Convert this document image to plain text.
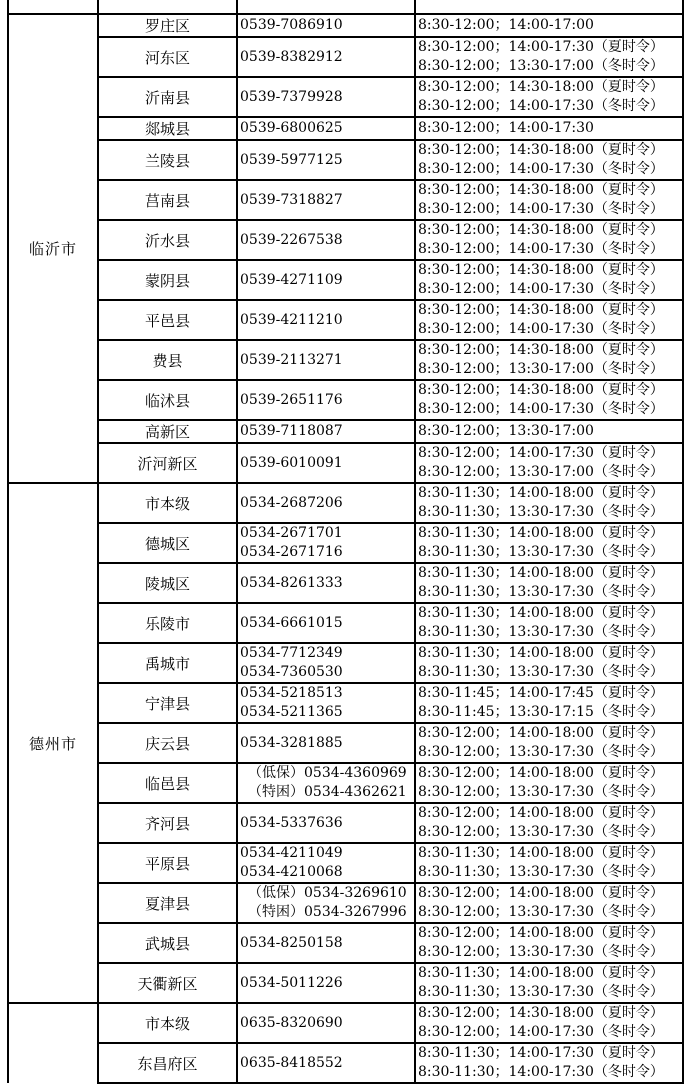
临沂市	罗庄区	0539-7086910	8:30-12:00；14:00-17:00

	河东区	0539-8382912	8:30-12:00；14:00-17:30（夏时令）
8:30-12:00；13:30-17:00（冬时令）

	沂南县	0539-7379928	8:30-12:00；14:30-18:00（夏时令）
8:30-12:00；14:00-17:30（冬时令）

	郯城县	0539-6800625	8:30-12:00；14:00-17:30

	兰陵县	0539-5977125	8:30-12:00；14:30-18:00（夏时令）
8:30-12:00；14:00-17:30（冬时令）

	莒南县	0539-7318827	8:30-12:00；14:30-18:00（夏时令）
8:30-12:00；14:00-17:30（冬时令）

	沂水县	0539-2267538	8:30-12:00；14:30-18:00（夏时令）
8:30-12:00；14:00-17:30（冬时令）

	蒙阴县	0539-4271109	8:30-12:00；14:30-18:00（夏时令）
8:30-12:00；14:00-17:30（冬时令）

	平邑县	0539-4211210	8:30-12:00；14:30-18:00（夏时令）
8:30-12:00；14:00-17:30（冬时令）

	费县	0539-2113271	8:30-12:00；14:30-18:00（夏时令）
8:30-12:00；13:30-17:00（冬时令）

	临沭县	0539-2651176	8:30-12:00；14:30-18:00（夏时令）
8:30-12:00；14:00-17:30（冬时令）

	高新区	0539-7118087	8:30-12:00；13:30-17:00

	沂河新区	0539-6010091	8:30-12:00；14:00-17:30（夏时令）
8:30-12:00；13:30-17:00（冬时令）

德州市	市本级	0534-2687206	8:30-11:30；14:00-18:00（夏时令）
8:30-11:30；13:30-17:30（冬时令）

	德城区	0534-2671701
0534-2671716	8:30-11:30；14:00-18:00（夏时令）
8:30-11:30；13:30-17:30（冬时令）

	陵城区	0534-8261333	8:30-11:30；14:00-18:00（夏时令）
8:30-11:30；13:30-17:30（冬时令）

	乐陵市	0534-6661015	8:30-11:30；14:00-18:00（夏时令）
8:30-11:30；13:30-17:30（冬时令）

	禹城市	0534-7712349
0534-7360530	8:30-11:30；14:00-18:00（夏时令）
8:30-11:30；13:30-17:30（冬时令）

	宁津县	0534-5218513
0534-5211365	8:30-11:45；14:00-17:45（夏时令）
8:30-11:45；13:30-17:15（冬时令）

	庆云县	0534-3281885	8:30-12:00；14:00-18:00（夏时令）
8:30-12:00；13:30-17:30（冬时令）

	临邑县	（低保）0534-4360969
（特困）0534-4362621	8:30-12:00；14:00-18:00（夏时令）
8:30-12:00；13:30-17:30（冬时令）

	齐河县	0534-5337636	8:30-12:00；14:00-18:00（夏时令）
8:30-12:00；13:30-17:30（冬时令）

	平原县	0534-4211049
0534-4210068	8:30-11:30；14:00-18:00（夏时令）
8:30-11:30；13:30-17:30（冬时令）

	夏津县	（低保）0534-3269610
（特困）0534-3267996	8:30-12:00；14:00-18:00（夏时令）
8:30-12:00；13:30-17:30（冬时令）

	武城县	0534-8250158	8:30-12:00；14:00-18:00（夏时令）
8:30-12:00；13:30-17:30（冬时令）

	天衢新区	0534-5011226	8:30-11:30；14:00-18:00（夏时令）
8:30-11:30；13:30-17:30（冬时令）

	市本级	0635-8320690	8:30-12:00；14:30-18:00（夏时令）
8:30-12:00；14:00-17:30（冬时令）

	东昌府区	0635-8418552	8:30-11:30；14:00-17:30（夏时令）
8:30-11:30；14:00-17:30（冬时令）
